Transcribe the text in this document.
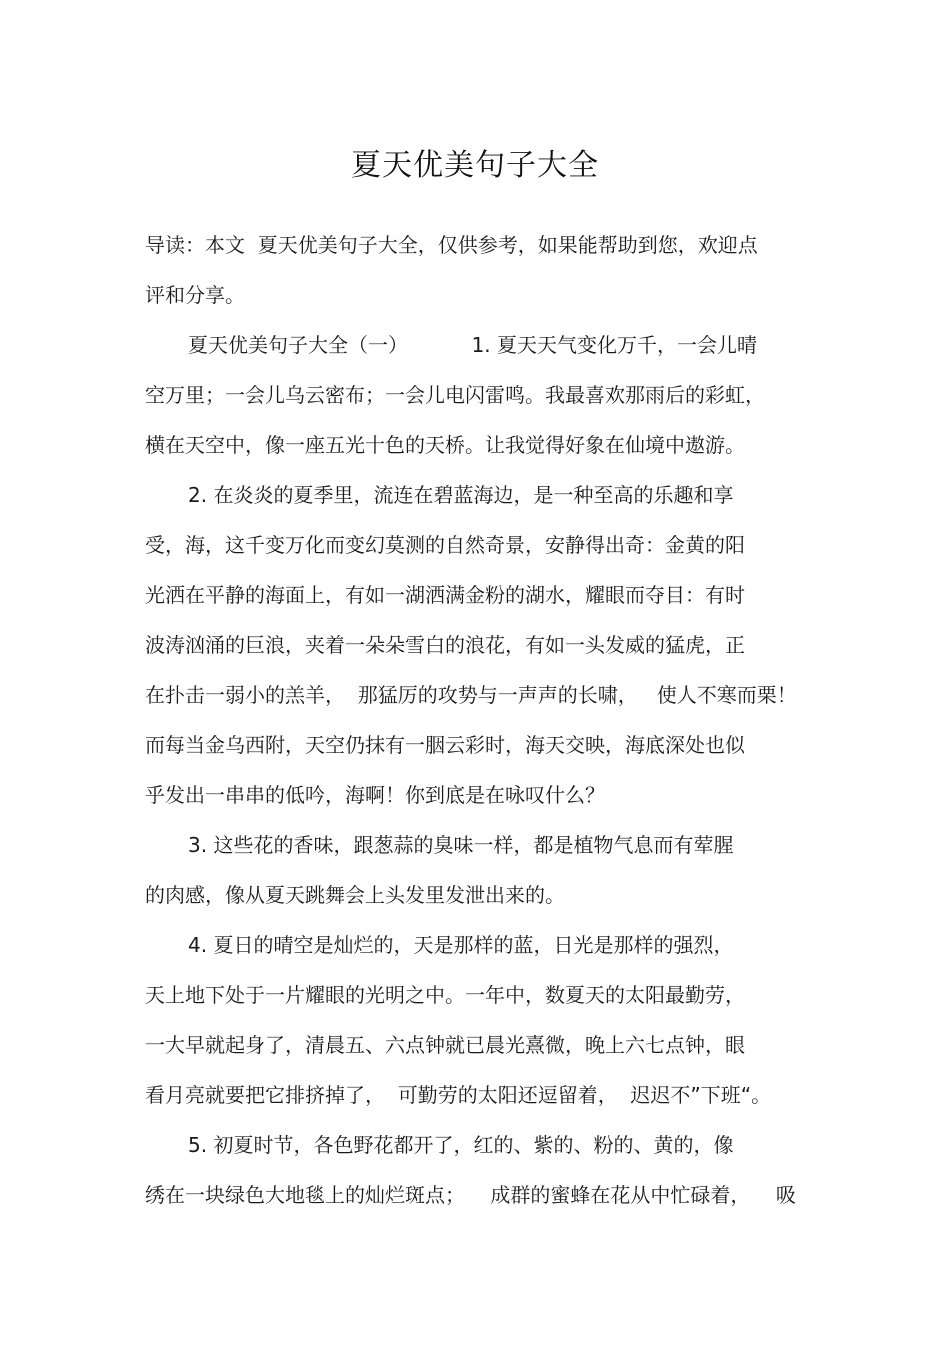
夏天优美句子大全
导读：本文  夏天优美句子大全，仅供参考，如果能帮助到您，欢迎点
评和分享。
夏天优美句子大全（一）          1. 夏天天气变化万千，一会儿晴
空万里；一会儿乌云密布；一会儿电闪雷鸣。我最喜欢那雨后的彩虹，
横在天空中，像一座五光十色的天桥。让我觉得好象在仙境中遨游。
2. 在炎炎的夏季里，流连在碧蓝海边，是一种至高的乐趣和享
受，海，这千变万化而变幻莫测的自然奇景，安静得出奇：金黄的阳
光洒在平静的海面上，有如一湖洒满金粉的湖水，耀眼而夺目：有时
波涛汹涌的巨浪，夹着一朵朵雪白的浪花，有如一头发威的猛虎，正
在扑击一弱小的羔羊，  那猛厉的攻势与一声声的长啸，   使人不寒而栗！
而每当金乌西附，天空仍抹有一胭云彩时，海天交映，海底深处也似
乎发出一串串的低吟，海啊！你到底是在咏叹什么？
3. 这些花的香味，跟葱蒜的臭味一样，都是植物气息而有荤腥
的肉感，像从夏天跳舞会上头发里发泄出来的。
4. 夏日的晴空是灿烂的，天是那样的蓝，日光是那样的强烈，
天上地下处于一片耀眼的光明之中。一年中，数夏天的太阳最勤劳，
一大早就起身了，清晨五、六点钟就已晨光熹微，晚上六七点钟，眼
看月亮就要把它排挤掉了，  可勤劳的太阳还逗留着，  迟迟不”下班“。
5. 初夏时节，各色野花都开了，红的、紫的、粉的、黄的，像
绣在一块绿色大地毯上的灿烂斑点；    成群的蜜蜂在花从中忙碌着，    吸
